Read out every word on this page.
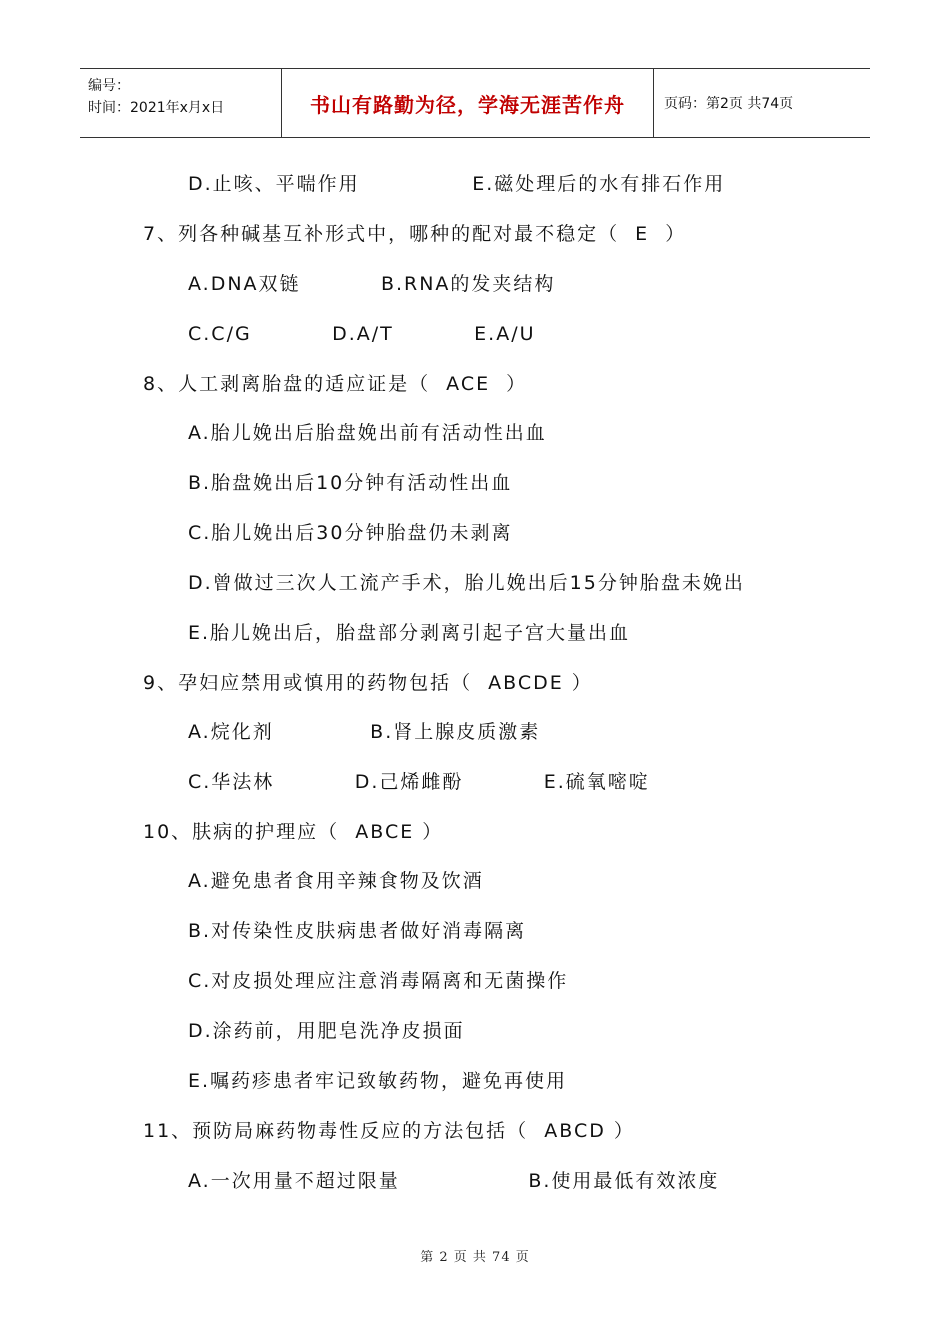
编号：
时间：2021年x月x日	书山有路勤为径，学海无涯苦作舟	页码：第2页 共74页
D.止咳、平喘作用              E.磁处理后的水有排石作用
7、列各种碱基互补形式中，哪种的配对最不稳定（  E  ）
A.DNA双链          B.RNA的发夹结构
C.C/G          D.A/T          E.A/U
8、人工剥离胎盘的适应证是（  ACE  ）
A.胎儿娩出后胎盘娩出前有活动性出血
B.胎盘娩出后10分钟有活动性出血
C.胎儿娩出后30分钟胎盘仍未剥离
D.曾做过三次人工流产手术，胎儿娩出后15分钟胎盘未娩出
E.胎儿娩出后，胎盘部分剥离引起子宫大量出血
9、孕妇应禁用或慎用的药物包括（  ABCDE ）
A.烷化剂            B.肾上腺皮质激素
C.华法林          D.己烯雌酚          E.硫氧嘧啶
10、肤病的护理应（  ABCE ）
A.避免患者食用辛辣食物及饮酒
B.对传染性皮肤病患者做好消毒隔离
C.对皮损处理应注意消毒隔离和无菌操作
D.涂药前，用肥皂洗净皮损面
E.嘱药疹患者牢记致敏药物，避免再使用
11、预防局麻药物毒性反应的方法包括（  ABCD ）
A.一次用量不超过限量                B.使用最低有效浓度
第 2 页 共 74 页
